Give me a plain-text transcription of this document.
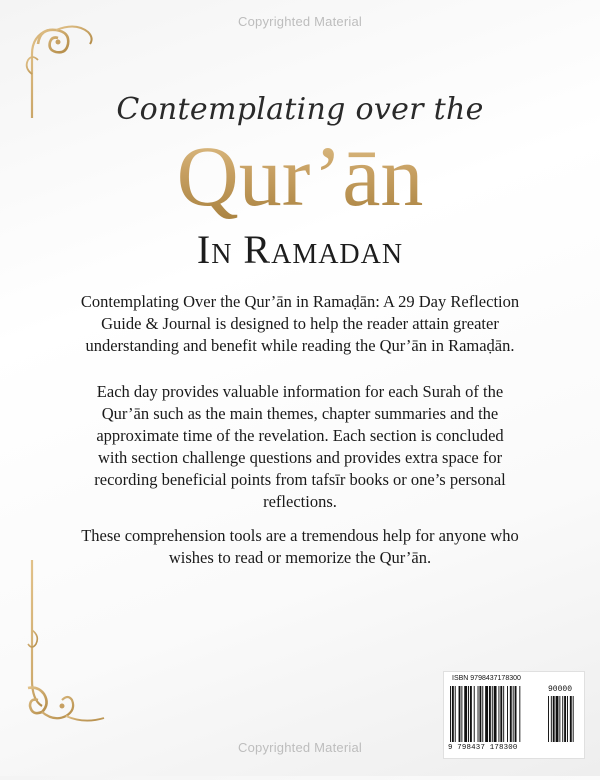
Copyrighted Material
Contemplating over the
Qur’ān
In Ramadan

Contemplating Over the Qur’ān in Ramaḍān: A 29 Day Reflection Guide & Journal is designed to help the reader attain greater understanding and benefit while reading the Qur’ān in Ramaḍān.

Each day provides valuable information for each Surah of the Qur’ān such as the main themes, chapter summaries and the approximate time of the revelation. Each section is concluded with section challenge questions and provides extra space for recording beneficial points from tafsīr books or one’s personal reflections.

These comprehension tools are a tremendous help for anyone who wishes to read or memorize the Qur’ān.

ISBN 9798437178300
90000
9 798437 178300
Copyrighted Material
